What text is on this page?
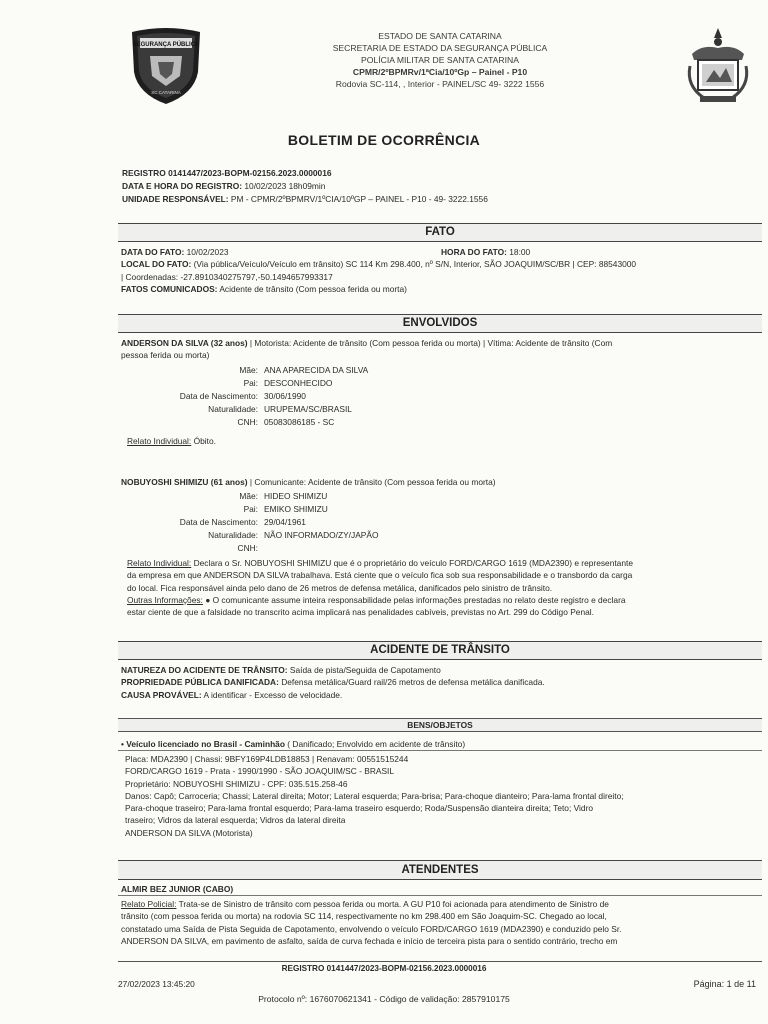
SEGURANÇA PÚBLICA
SC CATARINA
ESTADO DE SANTA CATARINA
SECRETARIA DE ESTADO DA SEGURANÇA PÚBLICA
POLÍCIA MILITAR DE SANTA CATARINA
CPMR/2ºBPMRv/1ªCia/10ºGp – Painel - P10
Rodovia SC-114, , Interior - PAINEL/SC 49- 3222 1556
BOLETIM DE OCORRÊNCIA
REGISTRO 0141447/2023-BOPM-02156.2023.0000016
DATA E HORA DO REGISTRO: 10/02/2023 18h09min
UNIDADE RESPONSÁVEL: PM - CPMR/2ºBPMRV/1ºCIA/10ºGP – PAINEL - P10 - 49- 3222.1556
FATO
DATA DO FATO: 10/02/2023	HORA DO FATO: 18:00
LOCAL DO FATO: (Via pública/Veículo/Veículo em trânsito) SC 114 Km 298.400, nº S/N, Interior, SÃO JOAQUIM/SC/BR | CEP: 88543000
| Coordenadas: -27.8910340275797,-50.1494657993317
FATOS COMUNICADOS: Acidente de trânsito (Com pessoa ferida ou morta)
ENVOLVIDOS
ANDERSON DA SILVA (32 anos) | Motorista: Acidente de trânsito (Com pessoa ferida ou morta) | Vítima: Acidente de trânsito (Com
pessoa ferida ou morta)
Mãe: ANA APARECIDA DA SILVA
Pai: DESCONHECIDO
Data de Nascimento: 30/06/1990
Naturalidade: URUPEMA/SC/BRASIL
CNH: 05083086185 - SC
Relato Individual: Óbito.
NOBUYOSHI SHIMIZU (61 anos) | Comunicante: Acidente de trânsito (Com pessoa ferida ou morta)
Mãe: HIDEO SHIMIZU
Pai: EMIKO SHIMIZU
Data de Nascimento: 29/04/1961
Naturalidade: NÃO INFORMADO/ZY/JAPÃO
CNH:
Relato Individual: Declara o Sr. NOBUYOSHI SHIMIZU que é o proprietário do veículo FORD/CARGO 1619 (MDA2390) e representante
da empresa em que ANDERSON DA SILVA trabalhava. Está ciente que o veículo fica sob sua responsabilidade e o transbordo da carga
do local. Fica responsável ainda pelo dano de 26 metros de defensa metálica, danificados pelo sinistro de trânsito.
Outras Informações: ● O comunicante assume inteira responsabilidade pelas informações prestadas no relato deste registro e declara
estar ciente de que a falsidade no transcrito acima implicará nas penalidades cabíveis, previstas no Art. 299 do Código Penal.
ACIDENTE DE TRÂNSITO
NATUREZA DO ACIDENTE DE TRÂNSITO: Saída de pista/Seguida de Capotamento
PROPRIEDADE PÚBLICA DANIFICADA: Defensa metálica/Guard rail/26 metros de defensa metálica danificada.
CAUSA PROVÁVEL: A identificar - Excesso de velocidade.
BENS/OBJETOS
• Veículo licenciado no Brasil - Caminhão ( Danificado; Envolvido em acidente de trânsito)
Placa: MDA2390 | Chassi: 9BFY169P4LDB18853 | Renavam: 00551515244
FORD/CARGO 1619 - Prata - 1990/1990 - SÃO JOAQUIM/SC - BRASIL
Proprietário: NOBUYOSHI SHIMIZU - CPF: 035.515.258-46
Danos: Capô; Carroceria; Chassi; Lateral direita; Motor; Lateral esquerda; Para-brisa; Para-choque dianteiro; Para-lama frontal direito;
Para-choque traseiro; Para-lama frontal esquerdo; Para-lama traseiro esquerdo; Roda/Suspensão dianteira direita; Teto; Vidro
traseiro; Vidros da lateral esquerda; Vidros da lateral direita
ANDERSON DA SILVA (Motorista)
ATENDENTES
ALMIR BEZ JUNIOR (CABO)
Relato Policial: Trata-se de Sinistro de trânsito com pessoa ferida ou morta. A GU P10 foi acionada para atendimento de Sinistro de
trânsito (com pessoa ferida ou morta) na rodovia SC 114, respectivamente no km 298.400 em São Joaquim-SC. Chegado ao local,
constatado uma Saída de Pista Seguida de Capotamento, envolvendo o veículo FORD/CARGO 1619 (MDA2390) e conduzido pelo Sr.
ANDERSON DA SILVA, em pavimento de asfalto, saída de curva fechada e início de terceira pista para o sentido contrário, trecho em
REGISTRO 0141447/2023-BOPM-02156.2023.0000016
27/02/2023 13:45:20	Página: 1 de 11
Protocolo nº: 1676070621341 - Código de validação: 2857910175
